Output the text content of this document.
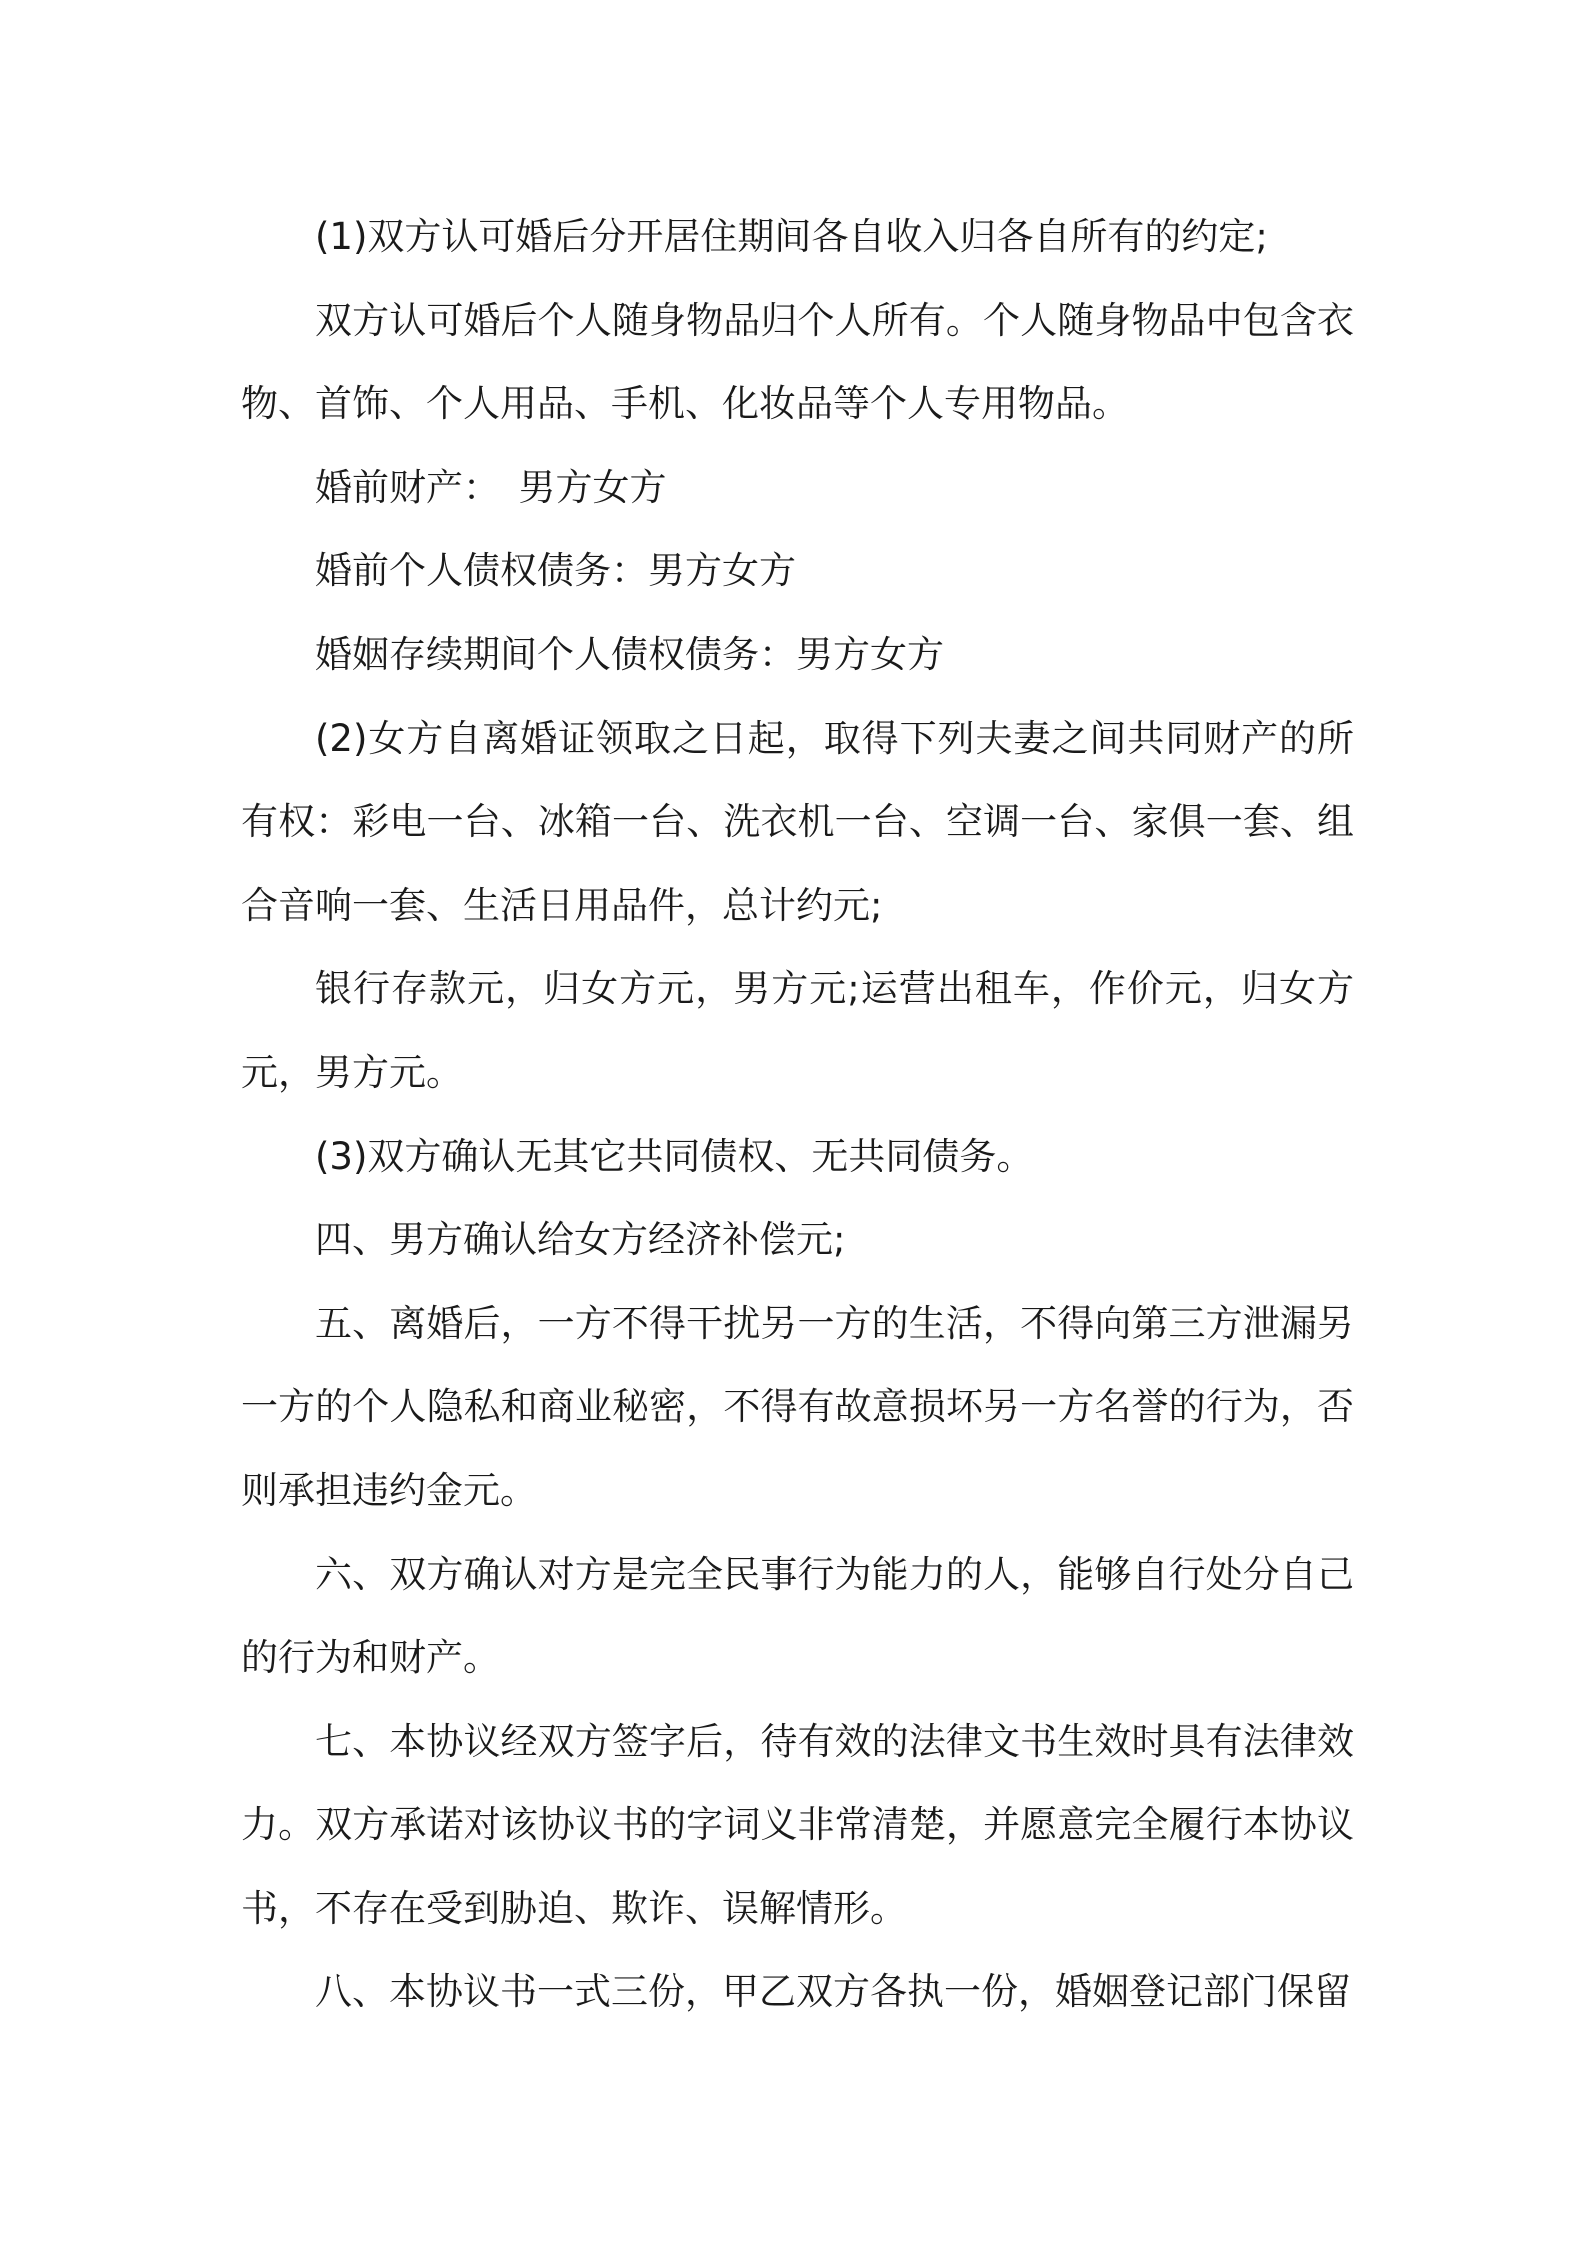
(1)双方认可婚后分开居住期间各自收入归各自所有的约定;

双方认可婚后个人随身物品归个人所有。个人随身物品中包含衣物、首饰、个人用品、手机、化妆品等个人专用物品。

婚前财产：　男方女方

婚前个人债权债务：男方女方

婚姻存续期间个人债权债务：男方女方

(2)女方自离婚证领取之日起，取得下列夫妻之间共同财产的所有权：彩电一台、冰箱一台、洗衣机一台、空调一台、家俱一套、组合音响一套、生活日用品件，总计约元;

银行存款元，归女方元，男方元;运营出租车，作价元，归女方元，男方元。

(3)双方确认无其它共同债权、无共同债务。

四、男方确认给女方经济补偿元;

五、离婚后，一方不得干扰另一方的生活，不得向第三方泄漏另一方的个人隐私和商业秘密，不得有故意损坏另一方名誉的行为，否则承担违约金元。

六、双方确认对方是完全民事行为能力的人，能够自行处分自己的行为和财产。

七、本协议经双方签字后，待有效的法律文书生效时具有法律效力。双方承诺对该协议书的字词义非常清楚，并愿意完全履行本协议书，不存在受到胁迫、欺诈、误解情形。

八、本协议书一式三份，甲乙双方各执一份，婚姻登记部门保留
